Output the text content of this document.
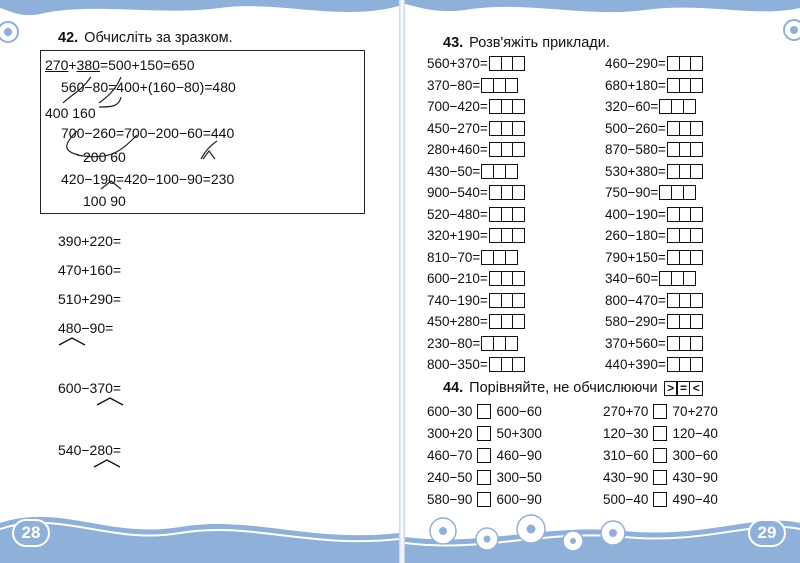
42. Обчисліть за зразком.
270+380=500+150=650
560−80=400+(160−80)=480
400 160
700−260=700−200−60=440
200 60
420−190=420−100−90=230
100 90
390+220=
470+160=
510+290=
480−90=
600−370=
540−280=
28
43. Розв'яжіть приклади.
560+370=
370−80=
700−420=
450−270=
280+460=
430−50=
900−540=
520−480=
320+190=
810−70=
600−210=
740−190=
450+280=
230−80=
800−350=
460−290=
680+180=
320−60=
500−260=
870−580=
530+380=
750−90=
400−190=
260−180=
790+150=
340−60=
800−470=
580−290=
370+560=
440+390=
44. Порівняйте, не обчислюючи > = <
600−30 600−60
300+20 50+300
460−70 460−90
240−50 300−50
580−90 600−90
270+70 70+270
120−30 120−40
310−60 300−60
430−90 430−90
500−40 490−40
29
